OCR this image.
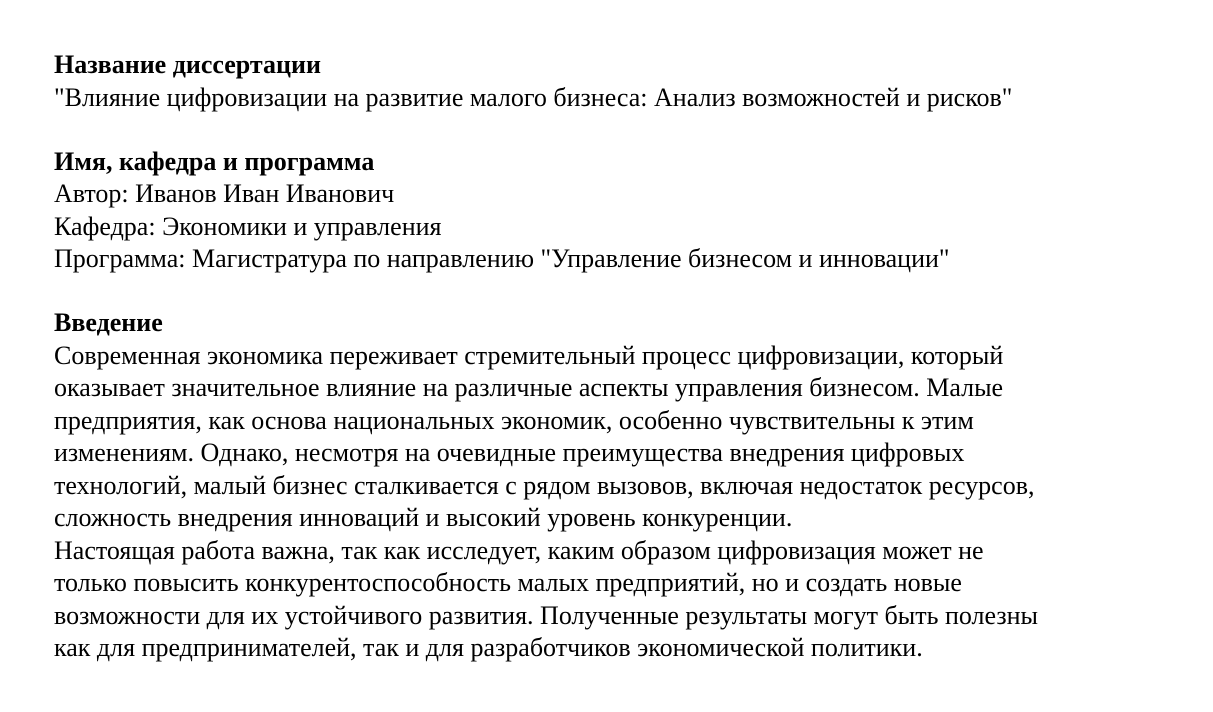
Название диссертации

"Влияние цифровизации на развитие малого бизнеса: Анализ возможностей и рисков"

Имя, кафедра и программа

Автор: Иванов Иван Иванович

Кафедра: Экономики и управления

Программа: Магистратура по направлению "Управление бизнесом и инновации"

Введение

Современная экономика переживает стремительный процесс цифровизации, который

оказывает значительное влияние на различные аспекты управления бизнесом. Малые

предприятия, как основа национальных экономик, особенно чувствительны к этим

изменениям. Однако, несмотря на очевидные преимущества внедрения цифровых

технологий, малый бизнес сталкивается с рядом вызовов, включая недостаток ресурсов,

сложность внедрения инноваций и высокий уровень конкуренции.

Настоящая работа важна, так как исследует, каким образом цифровизация может не

только повысить конкурентоспособность малых предприятий, но и создать новые

возможности для их устойчивого развития. Полученные результаты могут быть полезны

как для предпринимателей, так и для разработчиков экономической политики.
